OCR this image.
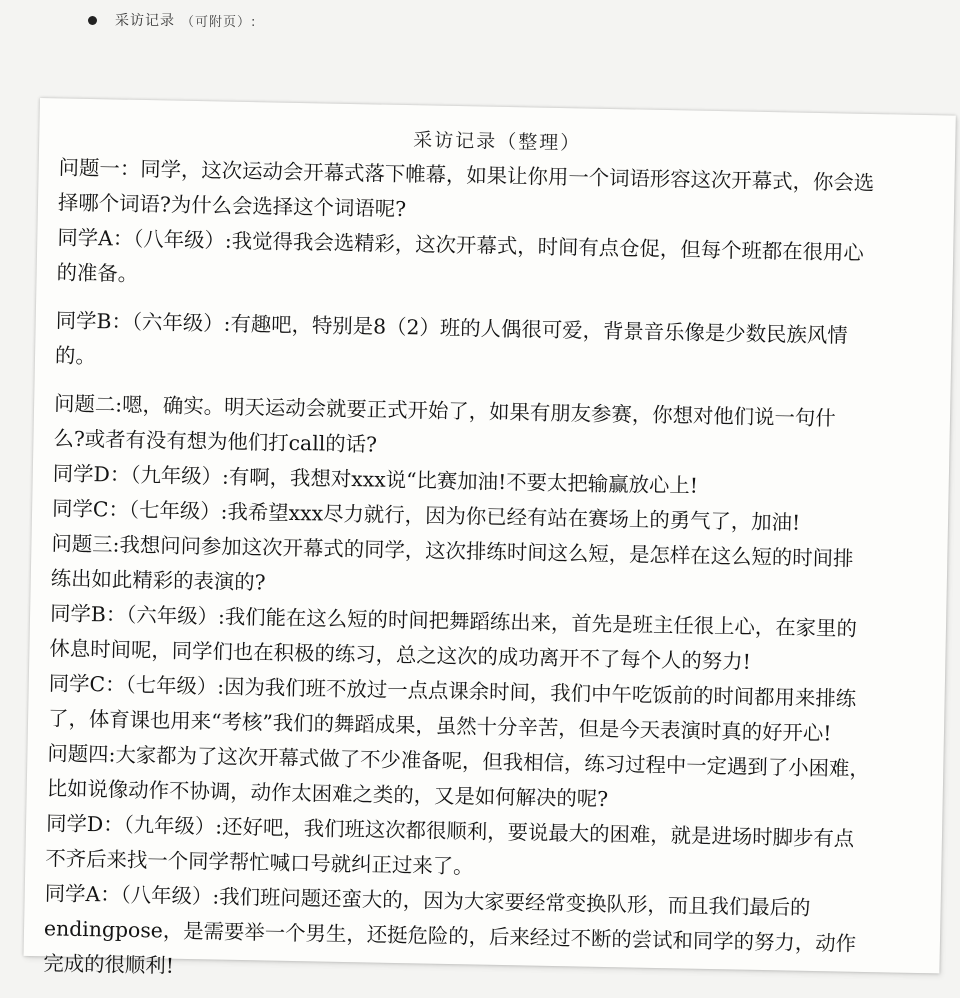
采访记录 （可附页）:
采访记录（整理）
问题一：同学，这次运动会开幕式落下帷幕，如果让你用一个词语形容这次开幕式，你会选
择哪个词语?为什么会选择这个词语呢?
同学A：（八年级）:我觉得我会选精彩，这次开幕式，时间有点仓促，但每个班都在很用心
的准备。
同学B：（六年级）:有趣吧，特别是8（2）班的人偶很可爱，背景音乐像是少数民族风情
的。
问题二:嗯，确实。明天运动会就要正式开始了，如果有朋友参赛，你想对他们说一句什
么?或者有没有想为他们打call的话?
同学D：（九年级）:有啊，我想对xxx说“比赛加油!不要太把输赢放心上!
同学C：（七年级）:我希望xxx尽力就行，因为你已经有站在赛场上的勇气了，加油!
问题三:我想问问参加这次开幕式的同学，这次排练时间这么短，是怎样在这么短的时间排
练出如此精彩的表演的?
同学B：（六年级）:我们能在这么短的时间把舞蹈练出来，首先是班主任很上心，在家里的
休息时间呢，同学们也在积极的练习，总之这次的成功离开不了每个人的努力!
同学C：（七年级）:因为我们班不放过一点点课余时间，我们中午吃饭前的时间都用来排练
了，体育课也用来“考核”我们的舞蹈成果，虽然十分辛苦，但是今天表演时真的好开心!
问题四:大家都为了这次开幕式做了不少准备呢，但我相信，练习过程中一定遇到了小困难，
比如说像动作不协调，动作太困难之类的，又是如何解决的呢?
同学D：（九年级）:还好吧，我们班这次都很顺利，要说最大的困难，就是进场时脚步有点
不齐后来找一个同学帮忙喊口号就纠正过来了。
同学A：（八年级）:我们班问题还蛮大的，因为大家要经常变换队形，而且我们最后的
endingpose，是需要举一个男生，还挺危险的，后来经过不断的尝试和同学的努力，动作
完成的很顺利!
